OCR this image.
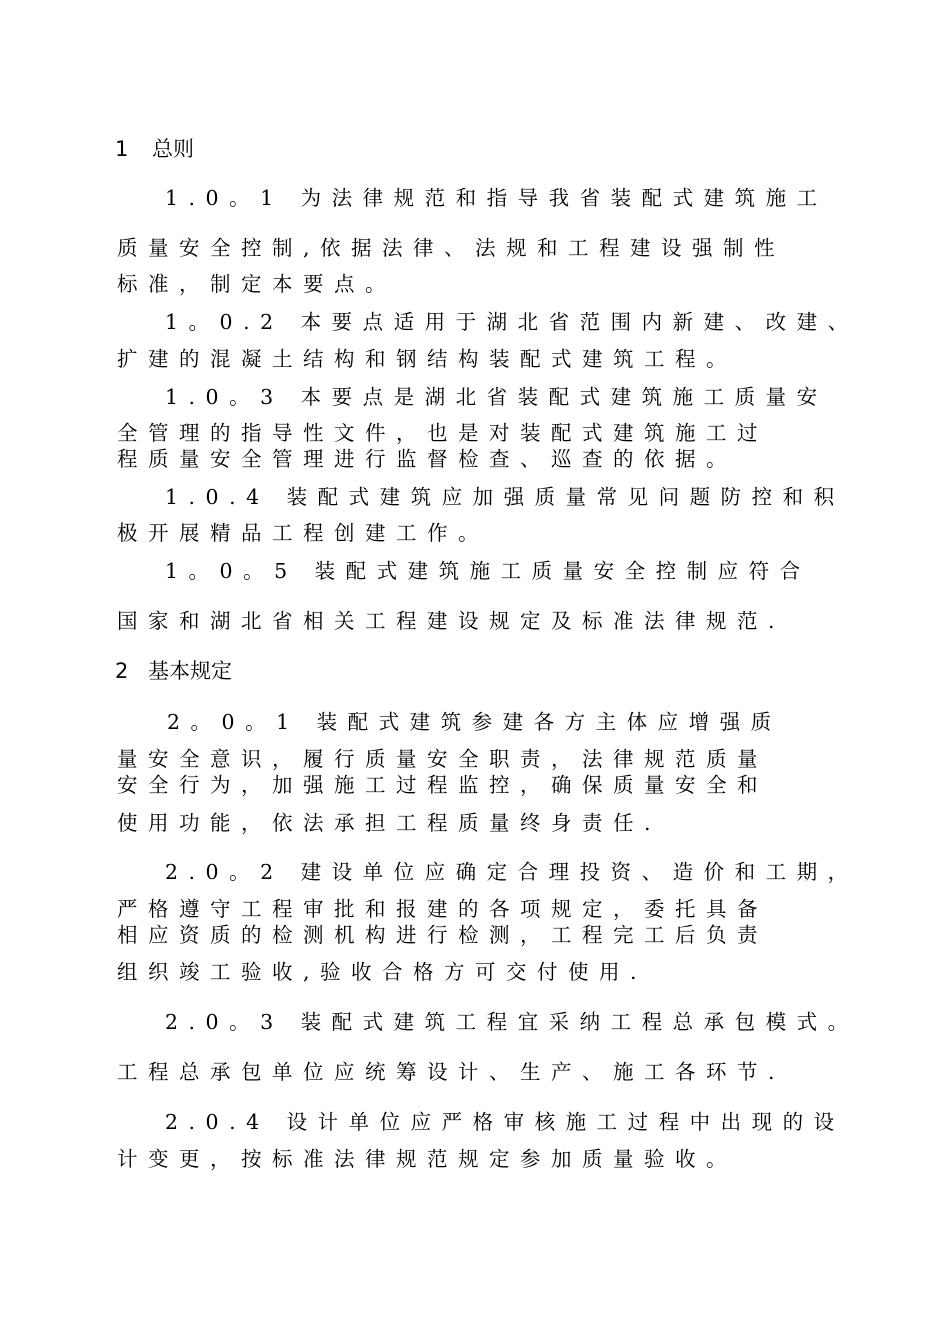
1 总则
1.0。1 为法律规范和指导我省装配式建筑施工
质量安全控制,依据法律、法规和工程建设强制性
标准，制定本要点。
1。0.2 本要点适用于湖北省范围内新建、改建、
扩建的混凝土结构和钢结构装配式建筑工程。
1.0。3 本要点是湖北省装配式建筑施工质量安
全管理的指导性文件，也是对装配式建筑施工过
程质量安全管理进行监督检查、巡查的依据。
1.0.4 装配式建筑应加强质量常见问题防控和积
极开展精品工程创建工作。
1。0。5 装配式建筑施工质量安全控制应符合
国家和湖北省相关工程建设规定及标准法律规范.
2 基本规定
2。0。1 装配式建筑参建各方主体应增强质
量安全意识，履行质量安全职责，法律规范质量
安全行为，加强施工过程监控，确保质量安全和
使用功能，依法承担工程质量终身责任.
2.0。2 建设单位应确定合理投资、造价和工期，
严格遵守工程审批和报建的各项规定，委托具备
相应资质的检测机构进行检测，工程完工后负责
组织竣工验收,验收合格方可交付使用.
2.0。3 装配式建筑工程宜采纳工程总承包模式。
工程总承包单位应统筹设计、生产、施工各环节.
2.0.4 设计单位应严格审核施工过程中出现的设
计变更，按标准法律规范规定参加质量验收。
